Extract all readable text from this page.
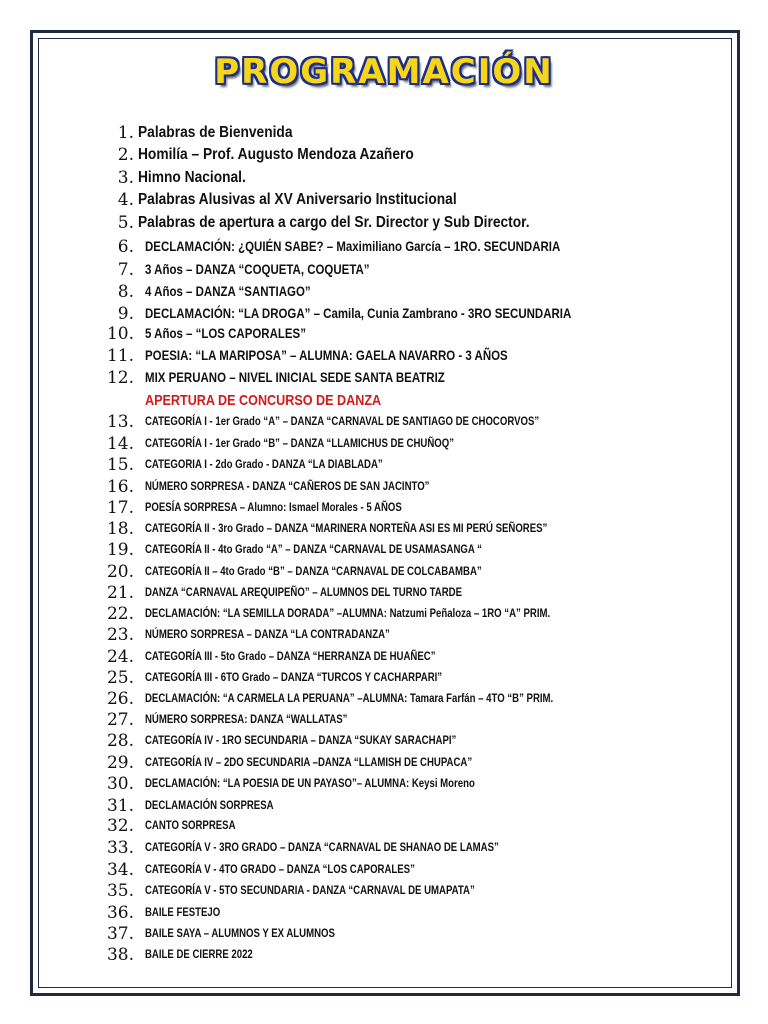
PROGRAMACIÓN
1. Palabras de Bienvenida
2. Homilía – Prof. Augusto Mendoza Azañero
3. Himno Nacional.
4. Palabras Alusivas al XV Aniversario Institucional
5. Palabras de apertura a cargo del Sr. Director y Sub Director.
6. DECLAMACIÓN: ¿QUIÉN SABE? – Maximiliano García – 1RO. SECUNDARIA
7. 3 Años – DANZA “COQUETA, COQUETA”
8. 4 Años – DANZA “SANTIAGO”
9. DECLAMACIÓN: “LA DROGA” – Camila, Cunia Zambrano - 3RO SECUNDARIA
10. 5 Años – “LOS CAPORALES”
11. POESIA: “LA MARIPOSA” – ALUMNA: GAELA NAVARRO - 3 AÑOS
12. MIX PERUANO – NIVEL INICIAL SEDE SANTA BEATRIZ
APERTURA DE CONCURSO DE DANZA
13. CATEGORÍA I - 1er Grado “A” – DANZA “CARNAVAL DE SANTIAGO DE CHOCORVOS”
14. CATEGORÍA I - 1er Grado “B” – DANZA “LLAMICHUS DE CHUÑOQ”
15. CATEGORIA I - 2do Grado - DANZA “LA DIABLADA”
16. NÚMERO SORPRESA - DANZA “CAÑEROS DE SAN JACINTO”
17. POESÍA SORPRESA – Alumno: Ismael Morales - 5 AÑOS
18. CATEGORÍA II - 3ro Grado – DANZA “MARINERA NORTEÑA ASI ES MI PERÚ SEÑORES”
19. CATEGORÍA II - 4to Grado “A” – DANZA “CARNAVAL DE USAMASANGA “
20. CATEGORÍA II – 4to Grado “B” – DANZA “CARNAVAL DE COLCABAMBA”
21. DANZA “CARNAVAL AREQUIPEÑO” – ALUMNOS DEL TURNO TARDE
22. DECLAMACIÓN: “LA SEMILLA DORADA” –ALUMNA: Natzumi Peñaloza – 1RO “A” PRIM.
23. NÚMERO SORPRESA – DANZA “LA CONTRADANZA”
24. CATEGORÍA III - 5to Grado – DANZA “HERRANZA DE HUAÑEC”
25. CATEGORÍA III - 6TO Grado – DANZA “TURCOS Y CACHARPARI”
26. DECLAMACIÓN: “A CARMELA LA PERUANA” –ALUMNA: Tamara Farfán – 4TO “B” PRIM.
27. NÚMERO SORPRESA: DANZA “WALLATAS”
28. CATEGORÍA IV - 1RO SECUNDARIA – DANZA “SUKAY SARACHAPI”
29. CATEGORÍA IV – 2DO SECUNDARIA –DANZA “LLAMISH DE CHUPACA”
30. DECLAMACIÓN: “LA POESIA DE UN PAYASO”– ALUMNA: Keysi Moreno
31. DECLAMACIÓN SORPRESA
32. CANTO SORPRESA
33. CATEGORÍA V - 3RO GRADO – DANZA “CARNAVAL DE SHANAO DE LAMAS”
34. CATEGORÍA V - 4TO GRADO – DANZA “LOS CAPORALES”
35. CATEGORÍA V - 5TO SECUNDARIA - DANZA “CARNAVAL DE UMAPATA”
36. BAILE FESTEJO
37. BAILE SAYA – ALUMNOS Y EX ALUMNOS
38. BAILE DE CIERRE 2022
